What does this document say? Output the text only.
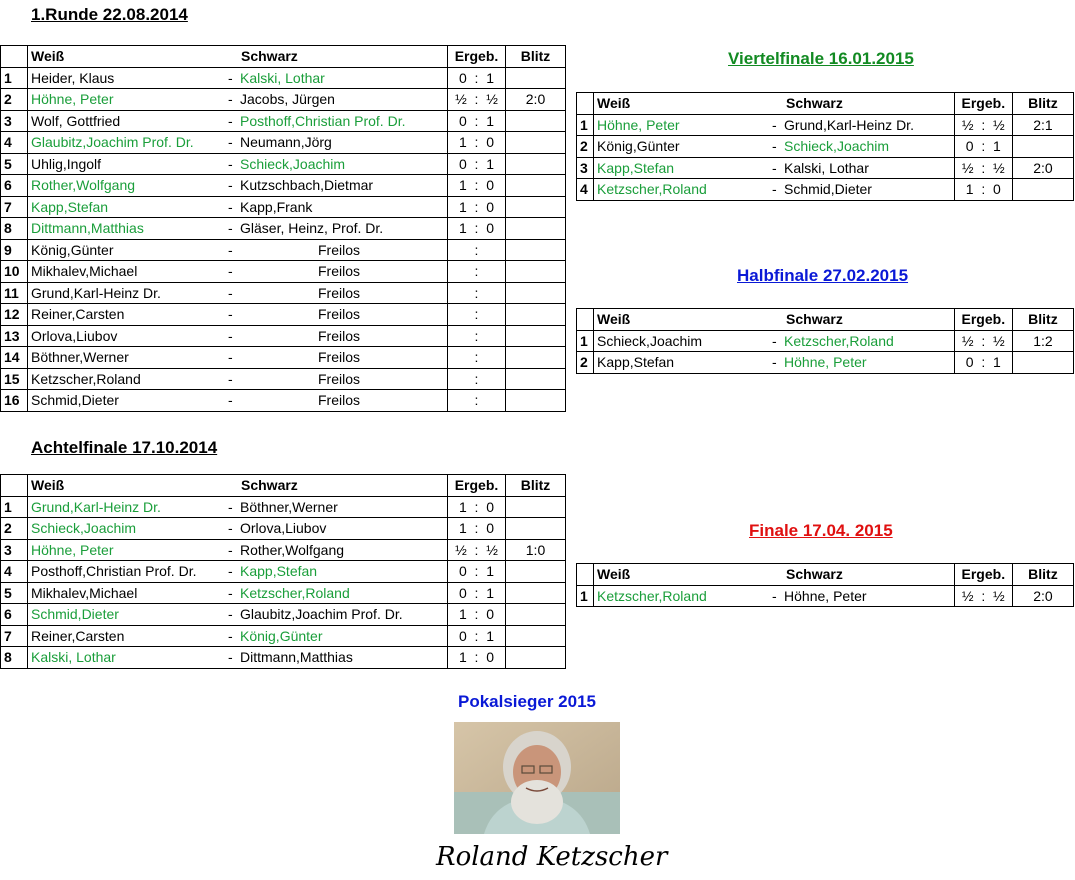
1.Runde 22.08.2014
Achtelfinale 17.10.2014
Viertelfinale 16.01.2015
Halbfinale 27.02.2015
Finale 17.04. 2015

	Weiß Schwarz	Ergeb.	Blitz
1	Heider, Klaus - Kalski, Lothar	0  :  1	
2	Höhne, Peter - Jacobs, Jürgen	½  :  ½	2:0
3	Wolf, Gottfried - Posthoff,Christian Prof. Dr.	0  :  1	
4	Glaubitz,Joachim Prof. Dr. - Neumann,Jörg	1  :  0	
5	Uhlig,Ingolf - Schieck,Joachim	0  :  1	
6	Rother,Wolfgang - Kutzschbach,Dietmar	1  :  0	
7	Kapp,Stefan - Kapp,Frank	1  :  0	
8	Dittmann,Matthias - Gläser, Heinz, Prof. Dr.	1  :  0	
9	König,Günter - Freilos	:	
10	Mikhalev,Michael - Freilos	:	
11	Grund,Karl-Heinz Dr. - Freilos	:	
12	Reiner,Carsten - Freilos	:	
13	Orlova,Liubov - Freilos	:	
14	Böthner,Werner - Freilos	:	
15	Ketzscher,Roland - Freilos	:	
16	Schmid,Dieter - Freilos	:	

	Weiß Schwarz	Ergeb.	Blitz
1	Grund,Karl-Heinz Dr. - Böthner,Werner	1  :  0	
2	Schieck,Joachim - Orlova,Liubov	1  :  0	
3	Höhne, Peter - Rother,Wolfgang	½  :  ½	1:0
4	Posthoff,Christian Prof. Dr. - Kapp,Stefan	0  :  1	
5	Mikhalev,Michael - Ketzscher,Roland	0  :  1	
6	Schmid,Dieter - Glaubitz,Joachim Prof. Dr.	1  :  0	
7	Reiner,Carsten - König,Günter	0  :  1	
8	Kalski, Lothar - Dittmann,Matthias	1  :  0	

	Weiß Schwarz	Ergeb.	Blitz
1	Höhne, Peter - Grund,Karl-Heinz Dr.	½  :  ½	2:1
2	König,Günter - Schieck,Joachim	0  :  1	
3	Kapp,Stefan - Kalski, Lothar	½  :  ½	2:0
4	Ketzscher,Roland - Schmid,Dieter	1  :  0	

	Weiß Schwarz	Ergeb.	Blitz
1	Schieck,Joachim - Ketzscher,Roland	½  :  ½	1:2
2	Kapp,Stefan - Höhne, Peter	0  :  1	

	Weiß Schwarz	Ergeb.	Blitz
1	Ketzscher,Roland - Höhne, Peter	½  :  ½	2:0
Pokalsieger 2015
Roland Ketzscher
